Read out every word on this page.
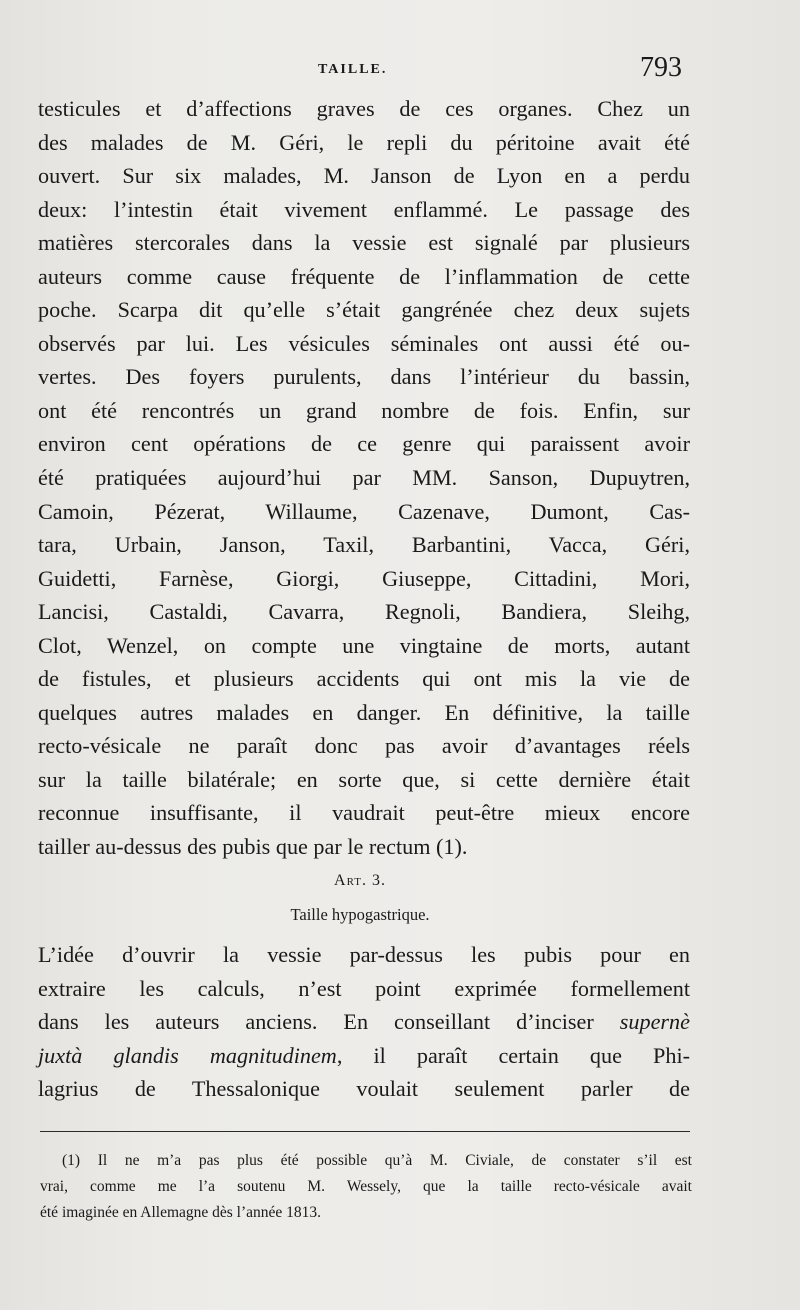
TAILLE.	793
testicules et d’affections graves de ces organes. Chez un
des malades de M. Géri, le repli du péritoine avait été
ouvert. Sur six malades, M. Janson de Lyon en a perdu
deux: l’intestin était vivement enflammé. Le passage des
matières stercorales dans la vessie est signalé par plusieurs
auteurs comme cause fréquente de l’inflammation de cette
poche. Scarpa dit qu’elle s’était gangrénée chez deux sujets
observés par lui. Les vésicules séminales ont aussi été ou-
vertes. Des foyers purulents, dans l’intérieur du bassin,
ont été rencontrés un grand nombre de fois. Enfin, sur
environ cent opérations de ce genre qui paraissent avoir
été pratiquées aujourd’hui par MM. Sanson, Dupuytren,
Camoin, Pézerat, Willaume, Cazenave, Dumont, Cas-
tara, Urbain, Janson, Taxil, Barbantini, Vacca, Géri,
Guidetti, Farnèse, Giorgi, Giuseppe, Cittadini, Mori,
Lancisi, Castaldi, Cavarra, Regnoli, Bandiera, Sleihg,
Clot, Wenzel, on compte une vingtaine de morts, autant
de fistules, et plusieurs accidents qui ont mis la vie de
quelques autres malades en danger. En définitive, la taille
recto-vésicale ne paraît donc pas avoir d’avantages réels
sur la taille bilatérale; en sorte que, si cette dernière était
reconnue insuffisante, il vaudrait peut-être mieux encore
tailler au-dessus des pubis que par le rectum (1).
Art. 3.
Taille hypogastrique.
L’idée d’ouvrir la vessie par-dessus les pubis pour en
extraire les calculs, n’est point exprimée formellement
dans les auteurs anciens. En conseillant d’inciser supernè
juxtà glandis magnitudinem, il paraît certain que Phi-
lagrius de Thessalonique voulait seulement parler de
(1) Il ne m’a pas plus été possible qu’à M. Civiale, de constater s’il est
vrai, comme me l’a soutenu M. Wessely, que la taille recto-vésicale avait
été imaginée en Allemagne dès l’année 1813.
